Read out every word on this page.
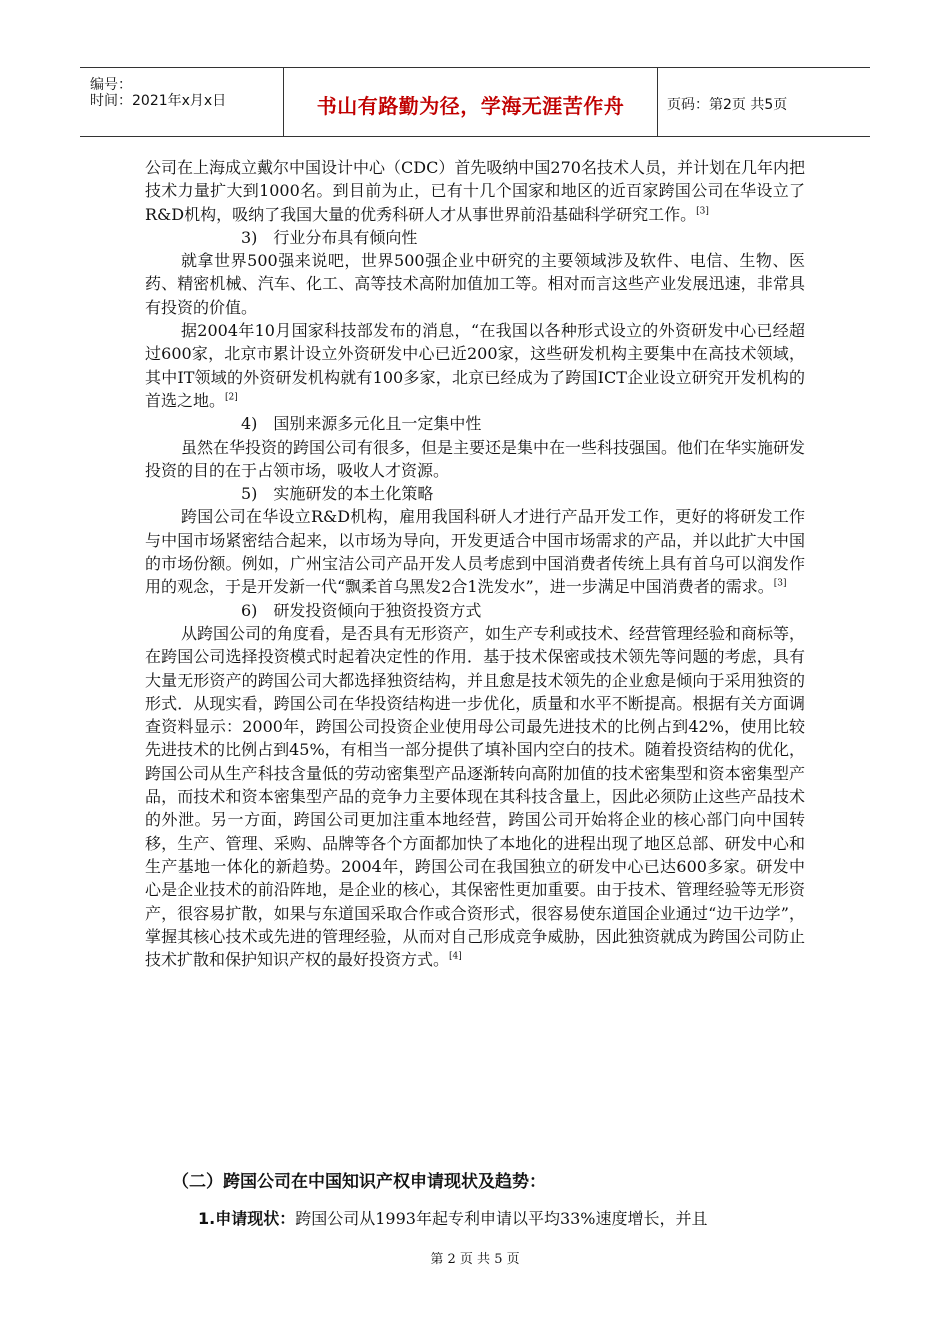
编号：
时间：2021年x月x日	书山有路勤为径，学海无涯苦作舟	页码：第2页 共5页

公司在上海成立戴尔中国设计中心（CDC）首先吸纳中国270名技术人员，并计划在几年内把技术力量扩大到1000名。到目前为止，已有十几个国家和地区的近百家跨国公司在华设立了R&D机构，吸纳了我国大量的优秀科研人才从事世界前沿基础科学研究工作。[3]

3)　行业分布具有倾向性

就拿世界500强来说吧，世界500强企业中研究的主要领域涉及软件、电信、生物、医药、精密机械、汽车、化工、高等技术高附加值加工等。相对而言这些产业发展迅速，非常具有投资的价值。

据2004年10月国家科技部发布的消息，“在我国以各种形式设立的外资研发中心已经超过600家，北京市累计设立外资研发中心已近200家，这些研发机构主要集中在高技术领域，其中IT领域的外资研发机构就有100多家，北京已经成为了跨国ICT企业设立研究开发机构的首选之地。[2]

4)　国别来源多元化且一定集中性

虽然在华投资的跨国公司有很多，但是主要还是集中在一些科技强国。他们在华实施研发投资的目的在于占领市场，吸收人才资源。

5)　实施研发的本土化策略

跨国公司在华设立R&D机构，雇用我国科研人才进行产品开发工作，更好的将研发工作与中国市场紧密结合起来，以市场为导向，开发更适合中国市场需求的产品，并以此扩大中国的市场份额。例如，广州宝洁公司产品开发人员考虑到中国消费者传统上具有首乌可以润发作用的观念，于是开发新一代“飘柔首乌黑发2合1洗发水”，进一步满足中国消费者的需求。[3]

6)　研发投资倾向于独资投资方式

从跨国公司的角度看，是否具有无形资产，如生产专利或技术、经营管理经验和商标等，在跨国公司选择投资模式时起着决定性的作用．基于技术保密或技术领先等问题的考虑，具有大量无形资产的跨国公司大都选择独资结构，并且愈是技术领先的企业愈是倾向于采用独资的形式．从现实看，跨国公司在华投资结构进一步优化，质量和水平不断提高。根据有关方面调查资料显示：2000年，跨国公司投资企业使用母公司最先进技术的比例占到42%，使用比较先进技术的比例占到45%，有相当一部分提供了填补国内空白的技术。随着投资结构的优化，跨国公司从生产科技含量低的劳动密集型产品逐渐转向高附加值的技术密集型和资本密集型产品，而技术和资本密集型产品的竞争力主要体现在其科技含量上，因此必须防止这些产品技术的外泄。另一方面，跨国公司更加注重本地经营，跨国公司开始将企业的核心部门向中国转移，生产、管理、采购、品牌等各个方面都加快了本地化的进程出现了地区总部、研发中心和生产基地一体化的新趋势。2004年，跨国公司在我国独立的研发中心已达600多家。研发中心是企业技术的前沿阵地，是企业的核心，其保密性更加重要。由于技术、管理经验等无形资产，很容易扩散，如果与东道国采取合作或合资形式，很容易使东道国企业通过“边干边学”，掌握其核心技术或先进的管理经验，从而对自己形成竞争威胁，因此独资就成为跨国公司防止技术扩散和保护知识产权的最好投资方式。[4]

（二）跨国公司在中国知识产权申请现状及趋势：
1.申请现状：跨国公司从1993年起专利申请以平均33%速度增长，并且
第 2 页 共 5 页
